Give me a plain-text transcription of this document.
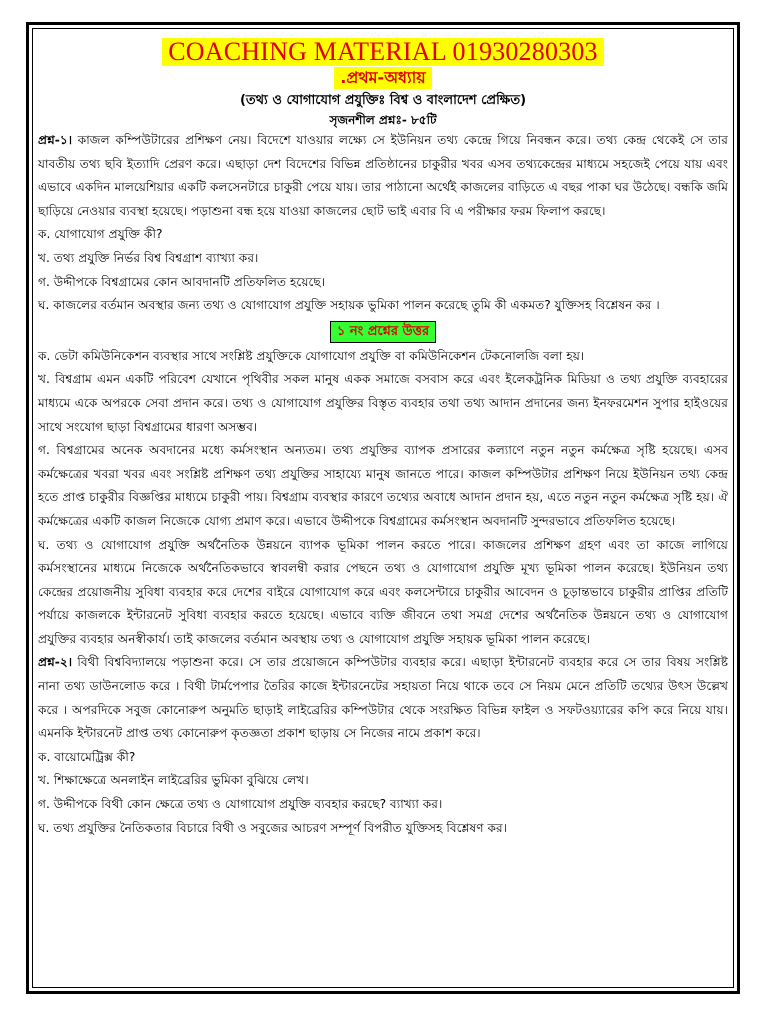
COACHING MATERIAL 01930280303
.প্রথম-অধ্যায়
(তথ্য ও যোগাযোগ প্রযুক্তিঃ বিশ্ব ও বাংলাদেশ প্রেক্ষিত)
সৃজনশীল প্রশ্নঃ- ৮৫টি

প্রশ্ন-১। কাজল কম্পিউটারের প্রশিক্ষণ নেয়। বিদেশে যাওয়ার লক্ষ্যে সে ইউনিয়ন তথ্য কেন্দ্রে গিয়ে নিবন্ধন করে। তথ্য কেন্দ্র থেকেই সে তার যাবতীয় তথ্য ছবি ইত্যাদি প্রেরণ করে। এছাড়া দেশ বিদেশের বিভিন্ন প্রতিষ্ঠানের চাকুরীর খবর এসব তথ্যকেন্দ্রের মাধ্যমে সহজেই পেয়ে যায় এবং এভাবে একদিন মালয়েশিয়ার একটি কলসেনটারে চাকুরী পেয়ে যায়। তার পাঠানো অর্থেই কাজলের বাড়িতে এ বছর পাকা ঘর উঠেছে। বন্ধকি জমি ছাড়িয়ে নেওয়ার ব্যবস্থা হয়েছে। পড়াশুনা বন্ধ হয়ে যাওয়া কাজলের ছোট ভাই এবার বি এ পরীক্ষার ফরম ফিলাপ করছে।

ক. যোগাযোগ প্রযুক্তি কী?

খ. তথ্য প্রযুক্তি নির্ভর বিশ্ব বিশ্বগ্রাশ ব্যাখ্যা কর।

গ. উদ্দীপকে বিশ্বগ্রামের কোন আবদানটি প্রতিফলিত হয়েছে।

ঘ. কাজলের বর্তমান অবস্থার জন্য তথ্য ও যোগাযোগ প্রযুক্তি সহায়ক ভুমিকা পালন করেছে তুমি কী একমত? যুক্তিসহ বিশ্লেষন কর ।

১ নং প্রশ্নের উত্তর

ক. ডেটা কমিউনিকেশন ব্যবস্থার সাথে সংশ্লিষ্ট প্রযুক্তিকে যোগাযোগ প্রযুক্তি বা কমিউনিকেশন টেকনোলজি বলা হয়।

খ. বিশ্বগ্রাম এমন একটি পরিবেশ যেখানে পৃথিবীর সকল মানুষ একক সমাজে বসবাস করে এবং ইলেকট্রনিক মিডিয়া ও তথ্য প্রযুক্তি ব্যবহারের মাধ্যমে একে অপরকে সেবা প্রদান করে। তথ্য ও যোগাযোগ প্রযুক্তির বিস্তৃত ব্যবহার তথা তথ্য আদান প্রদানের জন্য ইনফরমেশন সুপার হাইওয়ের সাথে সংযোগ ছাড়া বিশ্বগ্রামের ধারণা অসম্ভব।

গ. বিশ্বগ্রামের অনেক অবদানের মধ্যে কর্মসংস্থান অন্যতম। তথ্য প্রযুক্তির ব্যাপক প্রসারের কল্যাণে নতুন নতুন কর্মক্ষেত্র সৃষ্টি হয়েছে। এসব কর্মক্ষেত্রের খবরা খবর এবং সংশ্লিষ্ট প্রশিক্ষণ তথ্য প্রযুক্তির সাহায্যে মানুষ জানতে পারে। কাজল কম্পিউটার প্রশিক্ষণ নিয়ে ইউনিয়ন তথ্য কেন্দ্র হতে প্রাপ্ত চাকুরীর বিজ্ঞপ্তির মাধ্যমে চাকুরী পায়। বিশ্বগ্রাম ব্যবস্থার কারণে তথ্যের অবাধে আদান প্রদান হয়, এতে নতুন নতুন কর্মক্ষেত্র সৃষ্টি হয়। ঐ কর্মক্ষেত্রের একটি কাজল নিজেকে যোগ্য প্রমাণ করে। এভাবে উদ্দীপকে বিশ্বগ্রামের কর্মসংস্থান অবদানটি সুন্দরভাবে প্রতিফলিত হয়েছে।

ঘ. তথ্য ও যোগাযোগ প্রযুক্তি অর্থনৈতিক উন্নয়নে ব্যাপক ভূমিকা পালন করতে পারে। কাজলের প্রশিক্ষণ গ্রহণ এবং তা কাজে লাগিয়ে কর্মসংস্থানের মাধ্যমে নিজেকে অর্থনৈতিকভাবে স্বাবলম্বী করার পেছনে তথ্য ও যোগাযোগ প্রযুক্তি মূখ্য ভূমিকা পালন করেছে। ইউনিয়ন তথ্য কেন্দ্রের প্রয়োজনীয় সুবিধা ব্যবহার করে দেশের বাইরে যোগাযোগ করে এবং কলসেন্টারে চাকুরীর আবেদন ও চূড়ান্তভাবে চাকুরীর প্রাপ্তির প্রতিটি পর্যায়ে কাজলকে ইন্টারনেট সুবিধা ব্যবহার করতে হয়েছে। এভাবে ব্যক্তি জীবনে তথা সমগ্র দেশের অর্থনৈতিক উন্নয়নে তথ্য ও যোগাযোগ প্রযুক্তির ব্যবহার অনস্বীকার্য। তাই কাজলের বর্তমান অবস্থায় তথ্য ও যোগাযোগ প্রযুক্তি সহায়ক ভূমিকা পালন করেছে।

প্রশ্ন-২। বিথী বিশ্ববিদ্যালয়ে পড়াশুনা করে। সে তার প্রয়োজনে কম্পিউটার ব্যবহার করে। এছাড়া ইন্টারনেট ব্যবহার করে সে তার বিষয় সংশ্লিষ্ট নানা তথ্য ডাউনলোড করে । বিথী টার্মপেপার তৈরির কাজে ইন্টারনেটের সহায়তা নিয়ে থাকে তবে সে নিয়ম মেনে প্রতিটি তথ্যের উৎস উল্লেখ করে । অপরদিকে সবুজ কোনোরুপ অনুমতি ছাড়াই লাইব্রেরির কম্পিউটার থেকে সংরক্ষিত বিভিন্ন ফাইল ও সফটওয়্যারের কপি করে নিয়ে যায়। এমনকি ইন্টারনেট প্রাপ্ত তথ্য কোনোরুপ কৃতজ্ঞতা প্রকাশ ছাড়ায় সে নিজের নামে প্রকাশ করে।

ক. বায়োমেট্রিক্স কী?

খ. শিক্ষাক্ষেত্রে অনলাইন লাইব্রেরির ভুমিকা বুঝিয়ে লেখ।

গ. উদ্দীপকে বিথী কোন ক্ষেত্রে তথ্য ও যোগাযোগ প্রযুক্তি ব্যবহার করছে? ব্যাখ্যা কর।

ঘ. তথ্য প্রযুক্তির নৈতিকতার বিচারে বিথী ও সবুজের আচরণ সম্পূর্ণ বিপরীত যুক্তিসহ বিশ্লেষণ কর।
